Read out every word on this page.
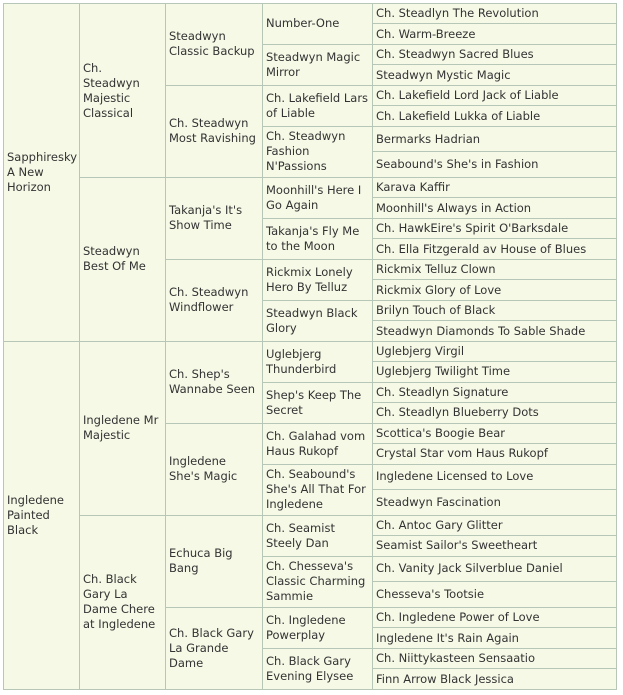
Sapphiresky A New Horizon	Ch. Steadwyn Majestic Classical	Steadwyn Classic Backup	Number-One	Ch. Steadlyn The Revolution

				Ch. Warm-Breeze

			Steadwyn Magic Mirror	Ch. Steadwyn Sacred Blues

				Steadwyn Mystic Magic

		Ch. Steadwyn Most Ravishing	Ch. Lakefield Lars of Liable	Ch. Lakefield Lord Jack of Liable

				Ch. Lakefield Lukka of Liable

			Ch. Steadwyn Fashion N'Passions	Bermarks Hadrian

				Seabound's She's in Fashion

	Steadwyn Best Of Me	Takanja's It's Show Time	Moonhill's Here I Go Again	Karava Kaffir

				Moonhill's Always in Action

			Takanja's Fly Me to the Moon	Ch. HawkEire's Spirit O'Barksdale

				Ch. Ella Fitzgerald av House of Blues

		Ch. Steadwyn Windflower	Rickmix Lonely Hero By Telluz	Rickmix Telluz Clown

				Rickmix Glory of Love

			Steadwyn Black Glory	Brilyn Touch of Black

				Steadwyn Diamonds To Sable Shade

Ingledene Painted Black	Ingledene Mr Majestic	Ch. Shep's Wannabe Seen	Uglebjerg Thunderbird	Uglebjerg Virgil

				Uglebjerg Twilight Time

			Shep's Keep The Secret	Ch. Steadlyn Signature

				Ch. Steadlyn Blueberry Dots

		Ingledene She's Magic	Ch. Galahad vom Haus Rukopf	Scottica's Boogie Bear

				Crystal Star vom Haus Rukopf

			Ch. Seabound's She's All That For Ingledene	Ingledene Licensed to Love

				Steadwyn Fascination

	Ch. Black Gary La Dame Chere at Ingledene	Echuca Big Bang	Ch. Seamist Steely Dan	Ch. Antoc Gary Glitter

				Seamist Sailor's Sweetheart

			Ch. Chesseva's Classic Charming Sammie	Ch. Vanity Jack Silverblue Daniel

				Chesseva's Tootsie

		Ch. Black Gary La Grande Dame	Ch. Ingledene Powerplay	Ch. Ingledene Power of Love

				Ingledene It's Rain Again

			Ch. Black Gary Evening Elysee	Ch. Niittykasteen Sensaatio

				Finn Arrow Black Jessica
